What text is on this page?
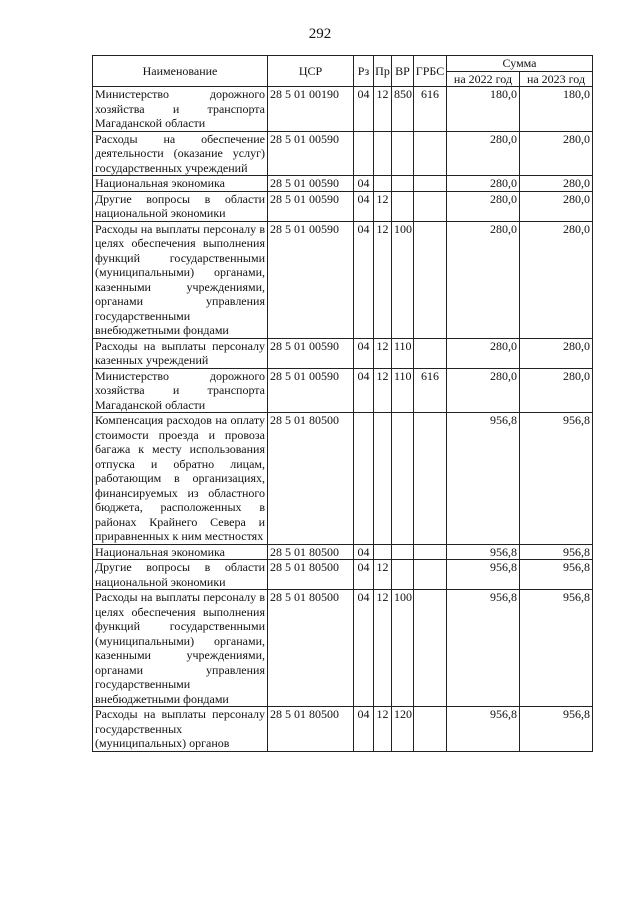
292
Наименование	ЦСР	Рз	Пр	ВР	ГРБС	Сумма	
						на 2022 год	на 2023 год
Министерство дорожного хозяйства и транспорта Магаданской области	28 5 01 00190	04	12	850	616	180,0	180,0
Расходы на обеспечение деятельности (оказание услуг) государственных учреждений	28 5 01 00590					280,0	280,0
Национальная экономика	28 5 01 00590	04				280,0	280,0
Другие вопросы в области национальной экономики	28 5 01 00590	04	12			280,0	280,0
Расходы на выплаты персоналу в целях обеспечения выполнения функций государственными (муниципальными) органами, казенными учреждениями, органами управления государственными внебюджетными фондами	28 5 01 00590	04	12	100		280,0	280,0
Расходы на выплаты персоналу казенных учреждений	28 5 01 00590	04	12	110		280,0	280,0
Министерство дорожного хозяйства и транспорта Магаданской области	28 5 01 00590	04	12	110	616	280,0	280,0
Компенсация расходов на оплату стоимости проезда и провоза багажа к месту использования отпуска и обратно лицам, работающим в организациях, финансируемых из областного бюджета, расположенных в районах Крайнего Севера и приравненных к ним местностях	28 5 01 80500					956,8	956,8
Национальная экономика	28 5 01 80500	04				956,8	956,8
Другие вопросы в области национальной экономики	28 5 01 80500	04	12			956,8	956,8
Расходы на выплаты персоналу в целях обеспечения выполнения функций государственными (муниципальными) органами, казенными учреждениями, органами управления государственными внебюджетными фондами	28 5 01 80500	04	12	100		956,8	956,8
Расходы на выплаты персоналу государственных (муниципальных) органов	28 5 01 80500	04	12	120		956,8	956,8
